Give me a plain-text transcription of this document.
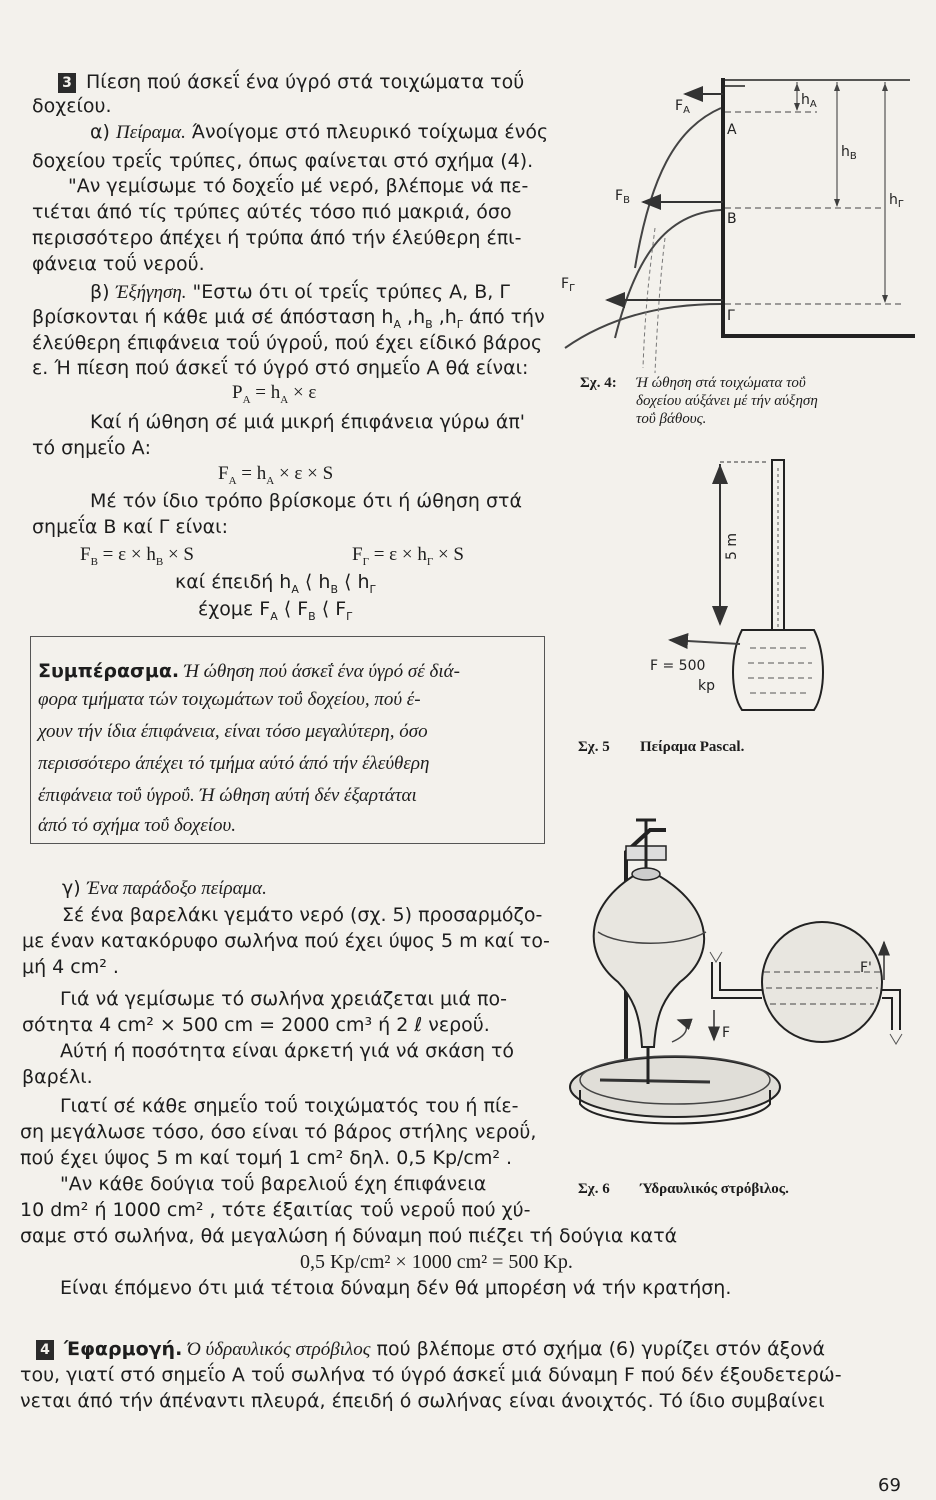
3 Πίεση πού άσκεΐ ένα ύγρό στά τοιχώματα τοΰ
δοχείου.
α) Πείραμα. Άνοίγομε στό πλευρικό τοίχωμα ένός
δοχείου τρεΐς τρύπες, όπως φαίνεται στό σχήμα (4).
"Αν γεμίσωμε τό δοχεΐο μέ νερό, βλέπομε νά πε-
τιέται άπό τίς τρύπες αύτές τόσο πιό μακριά, όσο
περισσότερο άπέχει ή τρύπα άπό τήν έλεύθερη έπι-
φάνεια τοΰ νεροΰ.
β) Έξήγηση. "Εστω ότι οί τρεΐς τρύπες Α, Β, Γ
βρίσκονται ή κάθε μιά σέ άπόσταση $h_A$ $,h_B$ $,h_\Gamma$ άπό τήν
έλεύθερη έπιφάνεια τοΰ ύγροΰ, πού έχει είδικό βάρος
ε. Ή πίεση πού άσκεΐ τό ύγρό στό σημεΐο Α θά είναι:
$P_A = h_A \times \varepsilon$
Καί ή ώθηση σέ μιά μικρή έπιφάνεια γύρω άπ'
τό σημεΐο Α:
$F_A = h_A \times \varepsilon \times S$
Μέ τόν ίδιο τρόπο βρίσκομε ότι ή ώθηση στά
σημεΐα Β καί Γ είναι:
$F_B = \varepsilon \times h_B \times S$	$F_\Gamma = \varepsilon \times h_\Gamma \times S$
καί έπειδή $h_A$ ⟨ $h_B$ ⟨ $h_\Gamma$
έχομε $F_A$ ⟨ $F_B$ ⟨ $F_\Gamma$
Συμπέρασμα. Ή ώθηση πού άσκεΐ ένα ύγρό σέ διά-
φορα τμήματα τών τοιχωμάτων τοΰ δοχείου, πού έ-
χουν τήν ίδια έπιφάνεια, είναι τόσο μεγαλύτερη, όσο
περισσότερο άπέχει τό τμήμα αύτό άπό τήν έλεύθερη
έπιφάνεια τοΰ ύγροΰ. Ή ώθηση αύτή δέν έξαρτάται
άπό τό σχήμα τοΰ δοχείου.
γ) Ένα παράδοξο πείραμα.
Σέ ένα βαρελάκι γεμάτο νερό (σχ. 5) προσαρμόζο-
με έναν κατακόρυφο σωλήνα πού έχει ύψος 5 m καί το-
μή 4 cm² .
Γιά νά γεμίσωμε τό σωλήνα χρειάζεται μιά πο-
σότητα 4 cm² × 500 cm = 2000 cm³ ή 2 ℓ νεροΰ.
Αύτή ή ποσότητα είναι άρκετή γιά νά σκάση τό
βαρέλι.
Γιατί σέ κάθε σημεΐο τοΰ τοιχώματός του ή πίε-
ση μεγάλωσε τόσο, όσο είναι τό βάρος στήλης νεροΰ,
πού έχει ύψος 5 m καί τομή 1 cm² δηλ. 0,5 Kp/cm² .
"Αν κάθε δούγια τοΰ βαρελιοΰ έχη έπιφάνεια
10 dm² ή 1000 cm² , τότε έξαιτίας τοΰ νεροΰ πού χύ-
σαμε στό σωλήνα, θά μεγαλώση ή δύναμη πού πιέζει τή δούγια κατά
0,5 Kp/cm² × 1000 cm² = 500 Kp.
Είναι έπόμενο ότι μιά τέτοια δύναμη δέν θά μπορέση νά τήν κρατήση.
4 Έφαρμογή. Ό ύδραυλικός στρόβιλος πού βλέπομε στό σχήμα (6) γυρίζει στόν άξονά
του, γιατί στό σημεΐο Α τοΰ σωλήνα τό ύγρό άσκεΐ μιά δύναμη F πού δέν έξουδετερώ-
νεται άπό τήν άπέναντι πλευρά, έπειδή ό σωλήνας είναι άνοιχτός. Τό ίδιο συμβαίνει
$F_A$
A
$F_B$
B
$F_\Gamma$
Γ
$h_A$
$h_B$
$h_\Gamma$
Σχ. 4: Ή ώθηση στά τοιχώματα τοΰ
δοχείου αύξάνει μέ τήν αύξηση
τοΰ βάθους.
5 m
F = 500
kp
Σχ. 5 Πείραμα Pascal.
F
F'
Σχ. 6 Ύδραυλικός στρόβιλος.
69
